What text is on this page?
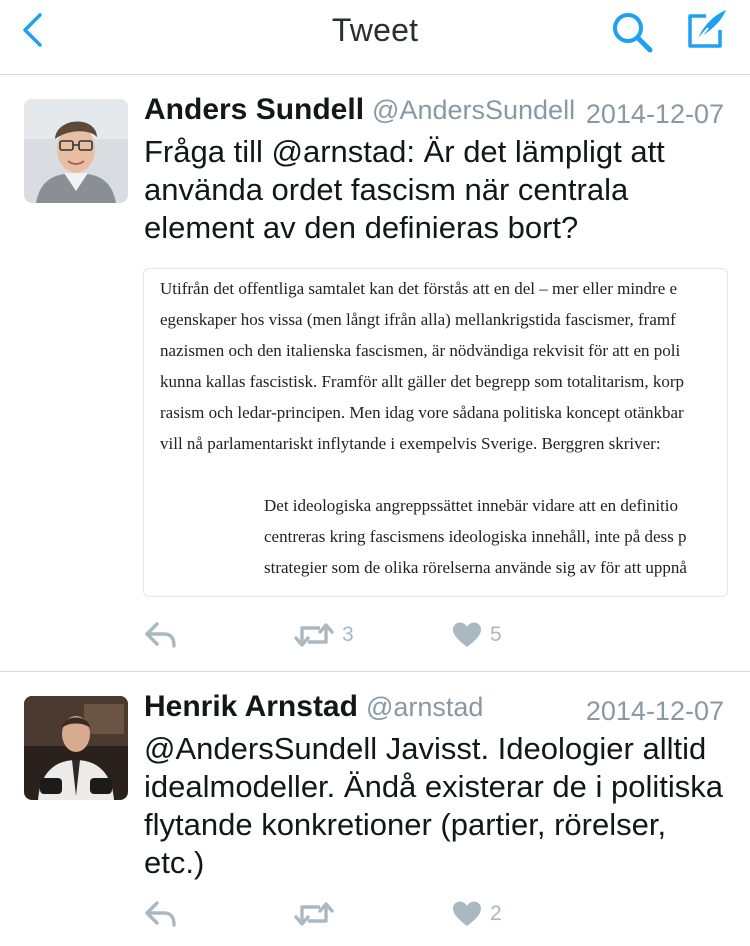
Tweet
Anders Sundell @AndersSundell 2014-12-07
Fråga till @arnstad: Är det lämpligt att använda ordet fascism när centrala element av den definieras bort?
Utifrån det offentliga samtalet kan det förstås att en del – mer eller mindre e
egenskaper hos vissa (men långt ifrån alla) mellankrigstida fascismer, framf
nazismen och den italienska fascismen, är nödvändiga rekvisit för att en poli
kunna kallas fascistisk. Framför allt gäller det begrepp som totalitarism, korp
rasism och ledar-principen. Men idag vore sådana politiska koncept otänkbar
vill nå parlamentariskt inflytande i exempelvis Sverige. Berggren skriver:
Det ideologiska angreppssättet innebär vidare att en definitio
centreras kring fascismens ideologiska innehåll, inte på dess p
strategier som de olika rörelserna använde sig av för att uppnå
3	5
Henrik Arnstad @arnstad	2014-12-07
@AndersSundell Javisst. Ideologier alltid idealmodeller. Ändå existerar de i politiska flytande konkretioner (partier, rörelser, etc.)
2
